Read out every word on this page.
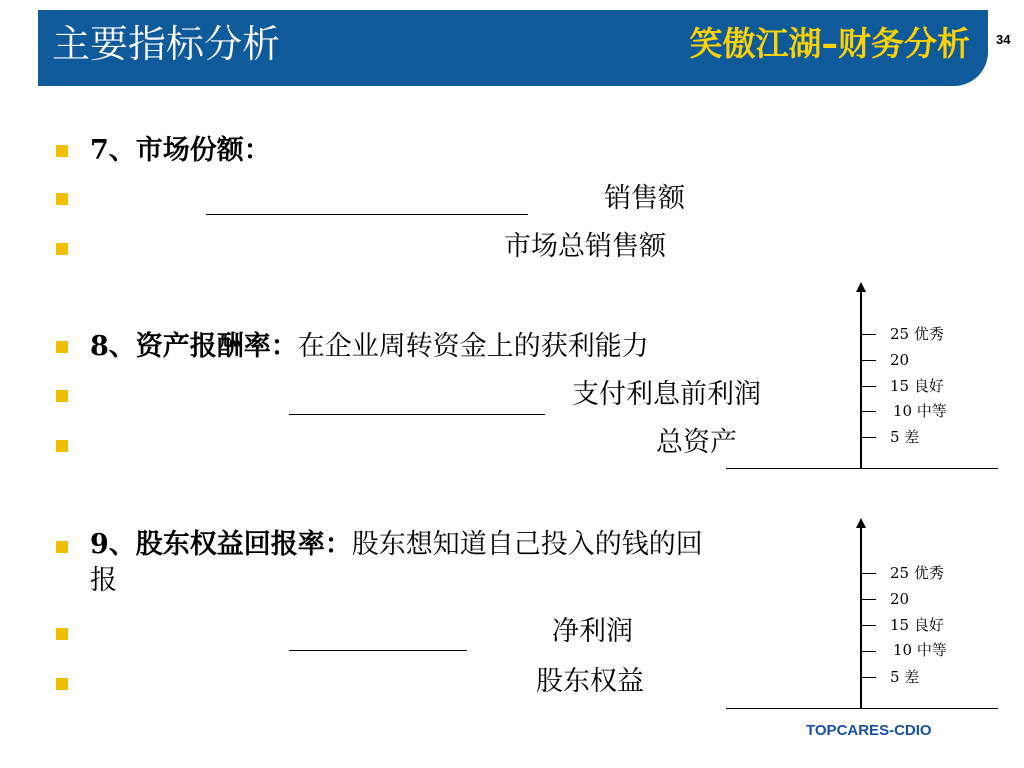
主要指标分析	笑傲江湖–财务分析 34
7、市场份额：
销售额
市场总销售额
8、资产报酬率：在企业周转资金上的获利能力
支付利息前利润
总资产
9、股东权益回报率：股东想知道自己投入的钱的回
报
净利润
股东权益
25 优秀
20
15 良好
10 中等
5 差
25 优秀
20
15 良好
10 中等
5 差
TOPCARES-CDIO
